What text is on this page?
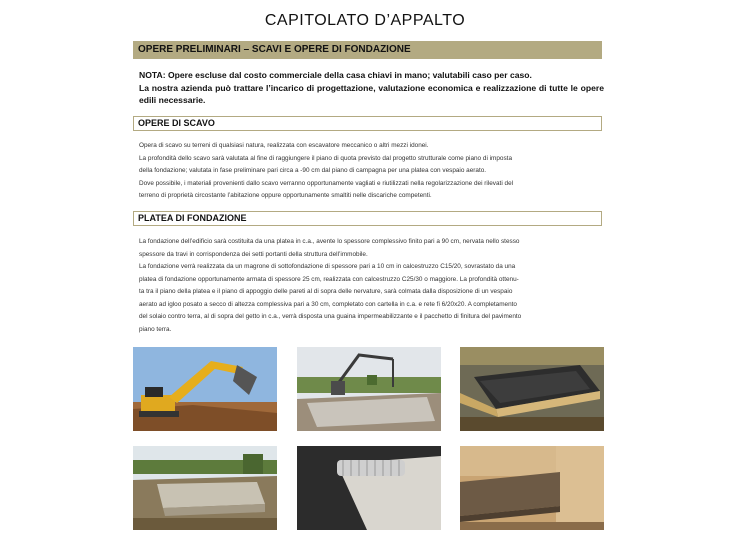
CAPITOLATO D’APPALTO
OPERE PRELIMINARI – SCAVI E OPERE DI FONDAZIONE

NOTA: Opere escluse dal costo commerciale della casa chiavi in mano; valutabili caso per caso.

La nostra azienda può trattare l’incarico di progettazione, valutazione economica e realizzazione di tutte le opere edili necessarie.

OPERE DI SCAVO

Opera di scavo su terreni di qualsiasi natura, realizzata con escavatore meccanico o altri mezzi idonei.

La profondità dello scavo sarà valutata al fine di raggiungere il piano di quota previsto dal progetto strutturale come piano di imposta

della fondazione; valutata in fase preliminare pari circa a -90 cm dal piano di campagna per una platea con vespaio aerato.

Dove possibile, i materiali provenienti dallo scavo verranno opportunamente vagliati e riutilizzati nella regolarizzazione dei rilevati del

terreno di proprietà circostante l’abitazione oppure opportunamente smaltiti nelle discariche competenti.

PLATEA DI FONDAZIONE

La fondazione dell’edificio sarà costituita da una platea in c.a., avente lo spessore complessivo finito pari a 90 cm, nervata nello stesso

spessore da travi in corrispondenza dei setti portanti della struttura dell’immobile.

La fondazione verrà realizzata da un magrone di sottofondazione di spessore pari a 10 cm in calcestruzzo C15/20, sovrastato da una

platea di fondazione opportunamente armata di spessore 25 cm, realizzata con calcestruzzo C25/30 o maggiore. La profondità ottenu-

ta tra il piano della platea e il piano di appoggio delle pareti al di sopra delle nervature, sarà colmata dalla disposizione di un vespaio

aerato ad igloo posato a secco di altezza complessiva pari a 30 cm, completato con cartella in c.a. e rete fi 6/20x20. A completamento

del solaio contro terra, al di sopra del getto in c.a., verrà disposta una guaina impermeabilizzante e il pacchetto di finitura del pavimento

piano terra.
